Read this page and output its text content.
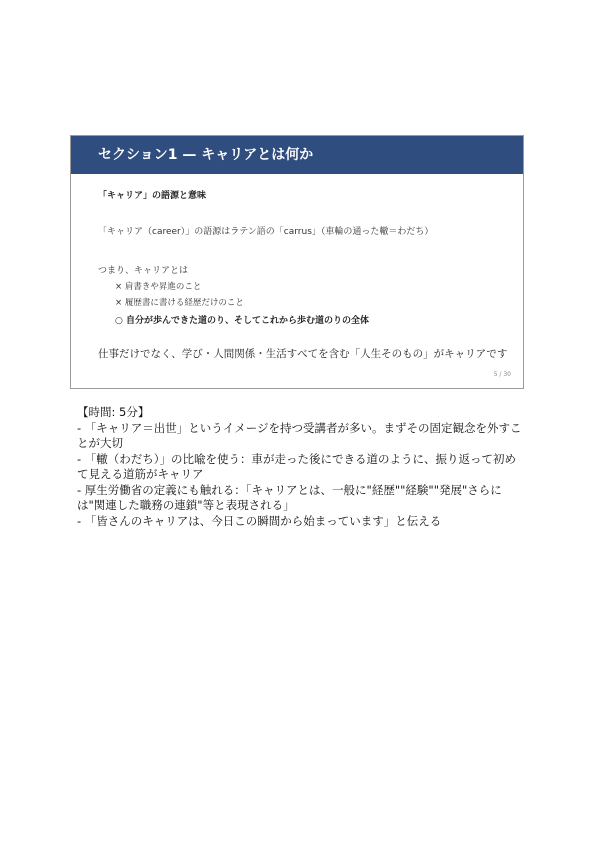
セクション1 — キャリアとは何か
「キャリア」の語源と意味
「キャリア（career）」の語源はラテン語の「carrus」（車輪の通った轍＝わだち）
つまり、キャリアとは
× 肩書きや昇進のこと
× 履歴書に書ける経歴だけのこと
○ 自分が歩んできた道のり、そしてこれから歩む道のりの全体
仕事だけでなく、学び・人間関係・生活すべてを含む「人生そのもの」がキャリアです
5 / 30
【時間: 5分】
- 「キャリア＝出世」というイメージを持つ受講者が多い。まずその固定観念を外すことが大切
- 「轍（わだち）」の比喩を使う：車が走った後にできる道のように、振り返って初めて見える道筋がキャリア
- 厚生労働省の定義にも触れる：「キャリアとは、一般に"経歴""経験""発展"さらには"関連した職務の連鎖"等と表現される」
- 「皆さんのキャリアは、今日この瞬間から始まっています」と伝える
